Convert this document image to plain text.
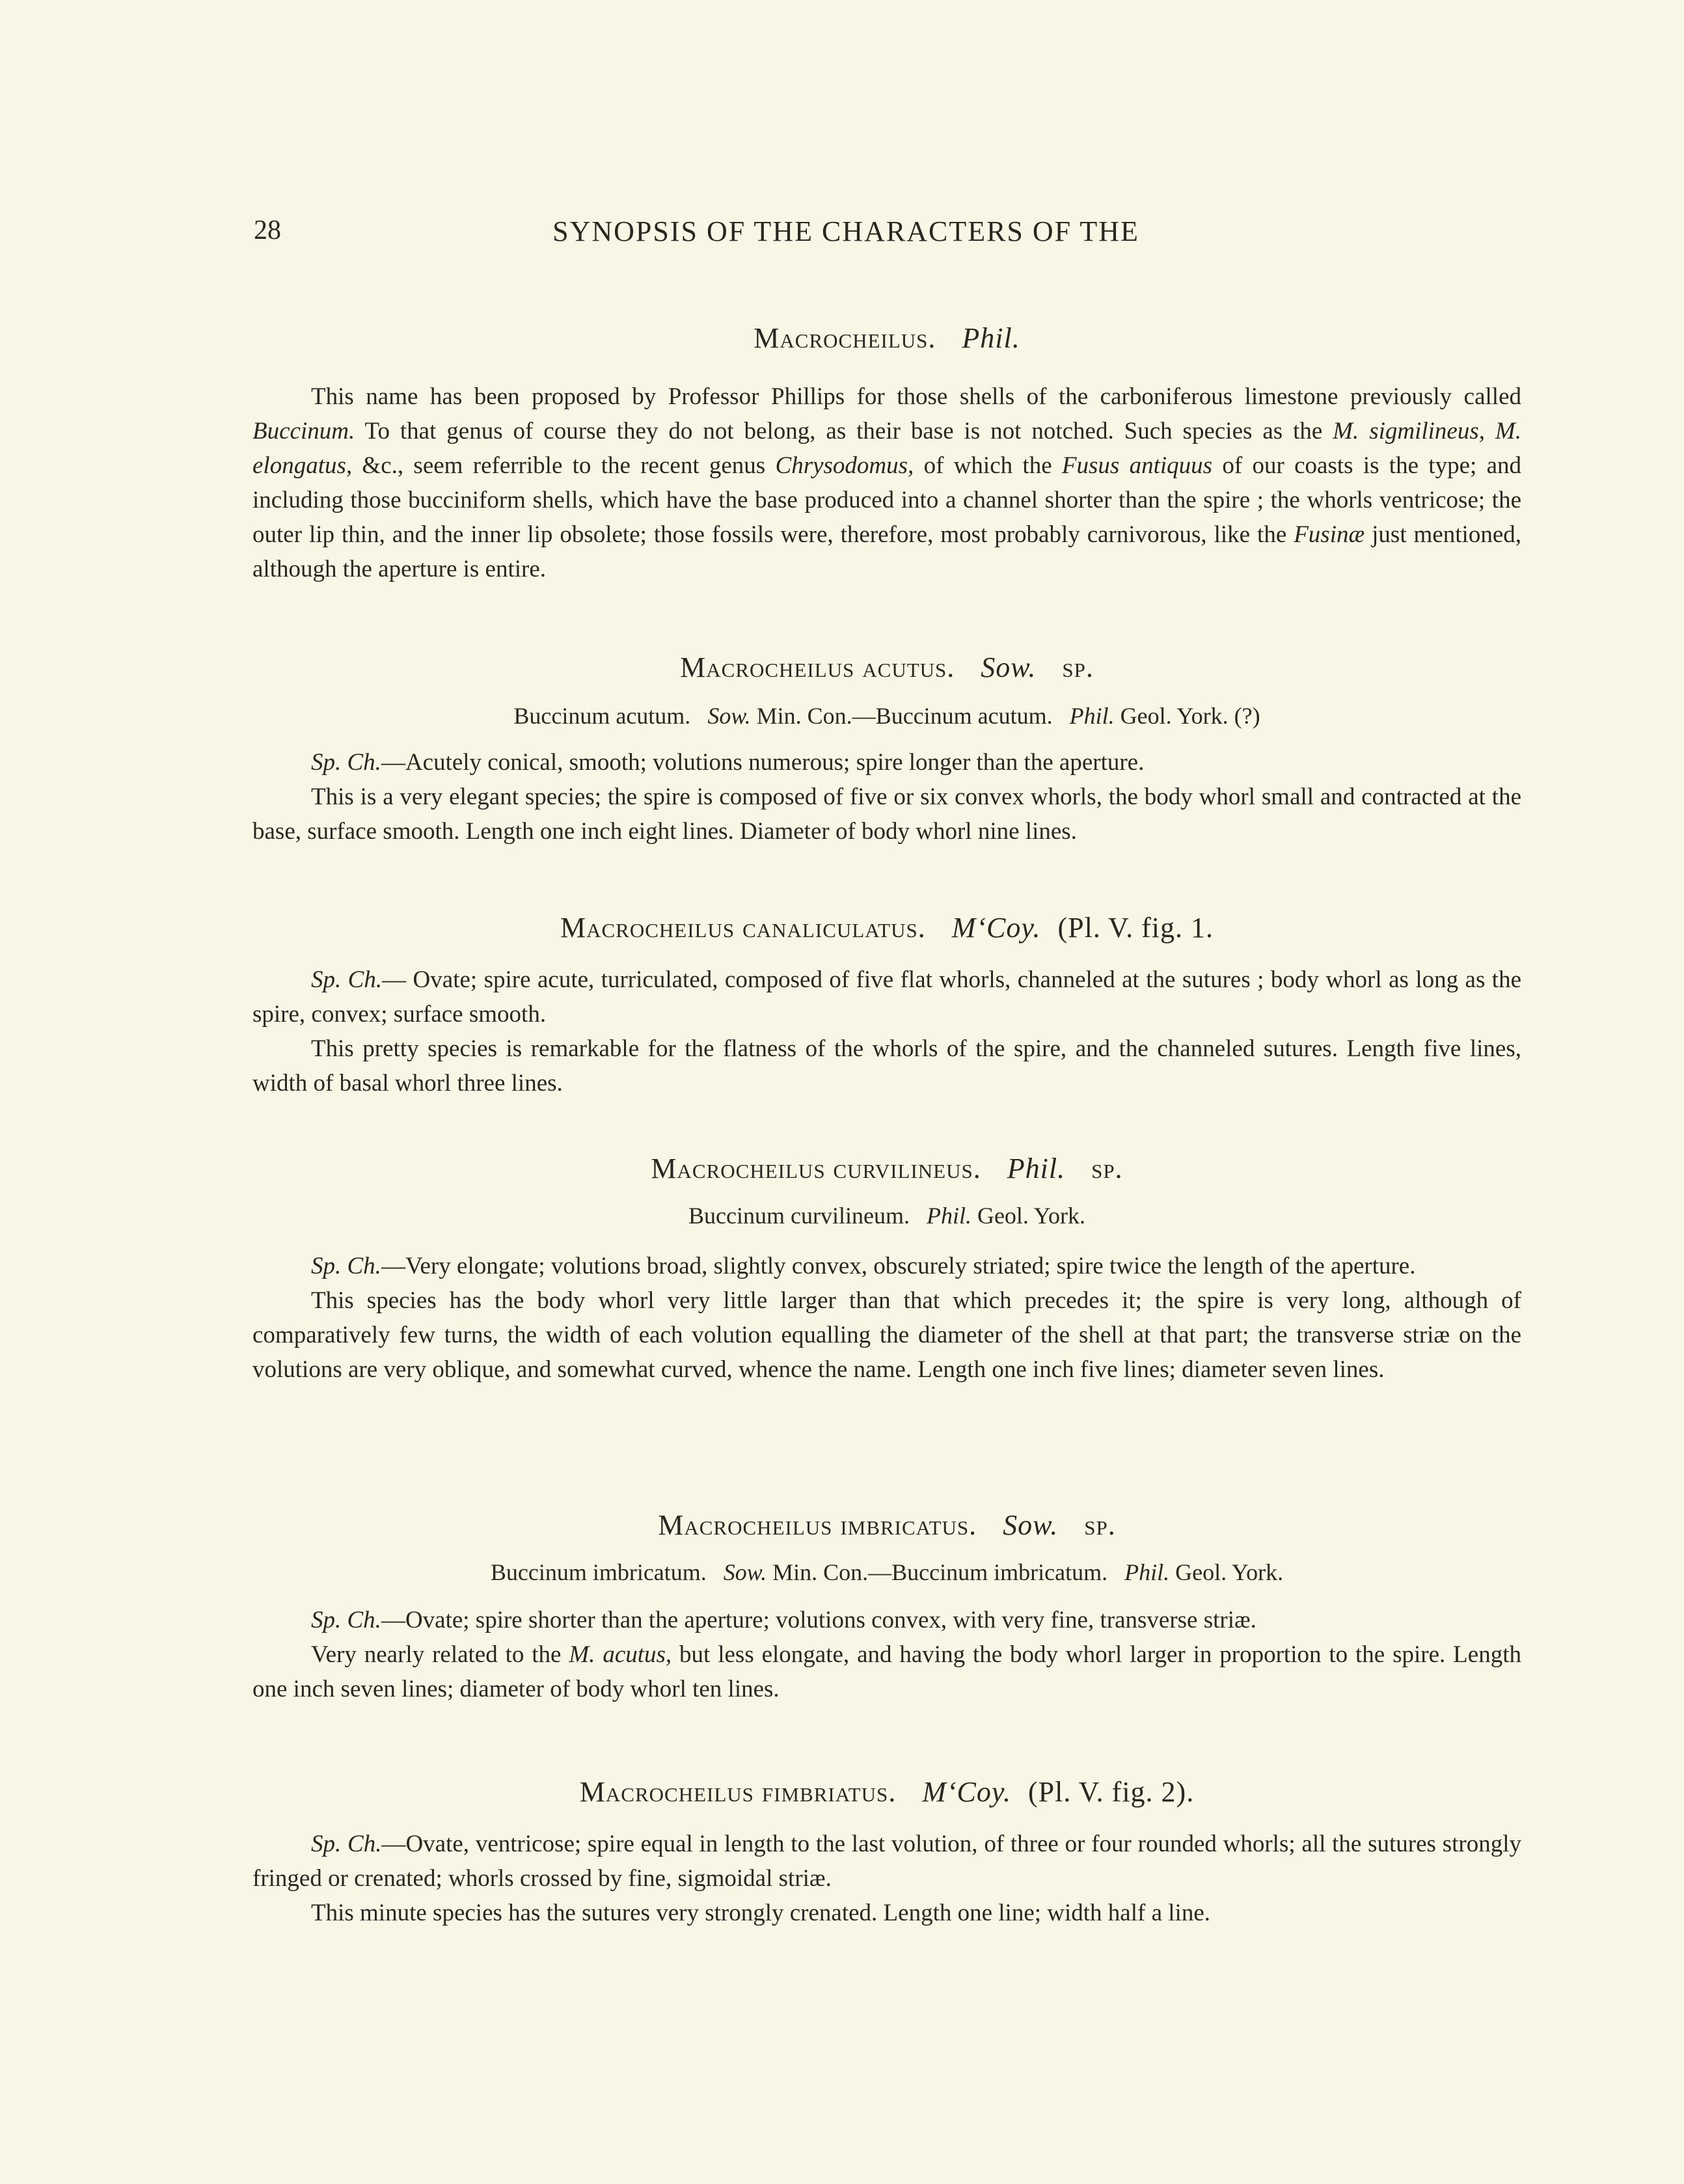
28	SYNOPSIS OF THE CHARACTERS OF THE
Macrocheilus. Phil.

This name has been proposed by Professor Phillips for those shells of the carboniferous limestone previously called Buccinum. To that genus of course they do not belong, as their base is not notched. Such species as the M. sigmilineus, M. elongatus, &c., seem referrible to the recent genus Chrysodomus, of which the Fusus antiquus of our coasts is the type; and including those bucciniform shells, which have the base produced into a channel shorter than the spire ; the whorls ventricose; the outer lip thin, and the inner lip obsolete; those fossils were, therefore, most probably carnivorous, like the Fusinæ just mentioned, although the aperture is entire.

Macrocheilus acutus. Sow. sp.
Buccinum acutum. Sow. Min. Con.—Buccinum acutum. Phil. Geol. York. (?)

Sp. Ch.—Acutely conical, smooth; volutions numerous; spire longer than the aperture.

This is a very elegant species; the spire is composed of five or six convex whorls, the body whorl small and contracted at the base, surface smooth. Length one inch eight lines. Diameter of body whorl nine lines.

Macrocheilus canaliculatus. M‘Coy. (Pl. V. fig. 1.

Sp. Ch.— Ovate; spire acute, turriculated, composed of five flat whorls, channeled at the sutures ; body whorl as long as the spire, convex; surface smooth.

This pretty species is remarkable for the flatness of the whorls of the spire, and the channeled sutures. Length five lines, width of basal whorl three lines.

Macrocheilus curvilineus. Phil. sp.
Buccinum curvilineum. Phil. Geol. York.

Sp. Ch.—Very elongate; volutions broad, slightly convex, obscurely striated; spire twice the length of the aperture.

This species has the body whorl very little larger than that which precedes it; the spire is very long, although of comparatively few turns, the width of each volution equalling the diameter of the shell at that part; the transverse striæ on the volutions are very oblique, and somewhat curved, whence the name. Length one inch five lines; diameter seven lines.

Macrocheilus imbricatus. Sow. sp.
Buccinum imbricatum. Sow. Min. Con.—Buccinum imbricatum. Phil. Geol. York.

Sp. Ch.—Ovate; spire shorter than the aperture; volutions convex, with very fine, transverse striæ.

Very nearly related to the M. acutus, but less elongate, and having the body whorl larger in proportion to the spire. Length one inch seven lines; diameter of body whorl ten lines.

Macrocheilus fimbriatus. M‘Coy. (Pl. V. fig. 2).

Sp. Ch.—Ovate, ventricose; spire equal in length to the last volution, of three or four rounded whorls; all the sutures strongly fringed or crenated; whorls crossed by fine, sigmoidal striæ.

This minute species has the sutures very strongly crenated. Length one line; width half a line.
